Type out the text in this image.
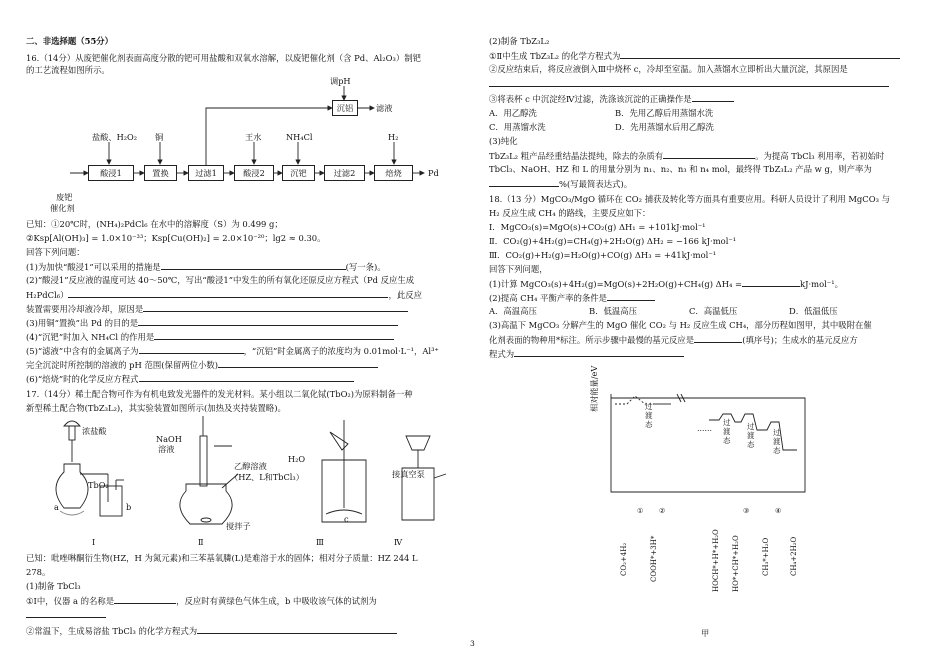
二、非选择题（55分）
16.（14分）从废钯催化剂表面高度分散的钯可用盐酸和双氧水溶解，以废钯催化剂（含 Pd、Al₂O₃）制钯
的工艺流程如图所示。
废钯
催化剂
酸浸1	置换	过滤1	酸浸2	沉钯	过滤2	焙烧	Pd
沉铝
调pH
滤液
盐酸、H₂O₂ 铜	王水	NH₄Cl	H₂
已知：①20℃时，(NH₄)₂PdCl₆ 在水中的溶解度（S）为 0.499 g；
②Ksp[Al(OH)₃] = 1.0×10⁻³³；Ksp[Cu(OH)₂] = 2.0×10⁻²⁰；lg2 ≈ 0.30。
回答下列问题：
(1)为加快“酸浸1”可以采用的措施是	(写一条)。
(2)“酸浸1”反应液的温度可达 40～50℃，写出“酸浸1”中发生的所有氧化还原反应方程式（Pd 反应生成
H₂PdCl₆）	，此反应
装置需要用冷却液冷却，原因是
(3)用铜“置换”出 Pd 的目的是
(4)“沉钯”时加入 NH₄Cl 的作用是
(5)“滤液”中含有的金属离子为	，“沉铝”时金属离子的浓度均为 0.01mol·L⁻¹，Al³⁺
完全沉淀时所控制的溶液的 pH 范围(保留两位小数)
(6)“焙烧”时的化学反应方程式
17.（14分）稀土配合物可作为有机电致发光器件的发光材料。某小组以二氧化铽(TbO₂)为原料制备一种
新型稀土配合物(TbZ₃L₂)，其实验装置如图所示(加热及夹持装置略)。
浓盐酸
TbO₂
a	b
NaOH
溶液
乙醇溶液
（HZ、L和TbCl₃）
搅拌子
H₂O
c
接真空泵
Ⅰ	Ⅱ	Ⅲ	Ⅳ
已知：吡唑啉酮衍生物(HZ，H 为氮元素)和三苯基氧膦(L)是难溶于水的固体；相对分子质量：HZ 244 L
278。
(1)制备 TbCl₃
①Ⅰ中，仪器 a 的名称是	，反应时有黄绿色气体生成，b 中吸收该气体的试剂为
②常温下，生成易溶盐 TbCl₃ 的化学方程式为
(2)制备 TbZ₃L₂
①Ⅱ中生成 TbZ₃L₂ 的化学方程式为
②反应结束后，将反应液倒入Ⅲ中烧杯 c，冷却至室温。加入蒸馏水立即析出大量沉淀，其原因是
③将表杯 c 中沉淀经Ⅳ过滤，洗涤该沉淀的正确操作是
A．用乙醇洗	B．先用乙醇后用蒸馏水洗
C．用蒸馏水洗	D．先用蒸馏水后用乙醇洗
(3)纯化
TbZ₃L₂ 粗产品经重结晶法提纯，除去的杂质有	。为提高 TbCl₃ 利用率，若初始时
TbCl₃、NaOH、HZ 和 L 的用量分别为 n₁、n₂、n₃ 和 n₄ mol，最终得 TbZ₃L₂ 产品 w g，则产率为
%(写最简表达式)。
18.（13 分）MgCO₃/MgO 循环在 CO₂ 捕获及转化等方面具有重要应用。科研人员设计了利用 MgCO₃ 与
H₂ 反应生成 CH₄ 的路线，主要反应如下：
Ⅰ．MgCO₃(s)=MgO(s)+CO₂(g) ΔH₁ = +101kJ·mol⁻¹
Ⅱ．CO₂(g)+4H₂(g)=CH₄(g)+2H₂O(g) ΔH₂ = −166 kJ·mol⁻¹
Ⅲ．CO₂(g)+H₂(g)=H₂O(g)+CO(g) ΔH₃ = +41kJ·mol⁻¹
回答下列问题，
(1)计算 MgCO₃(s)+4H₂(g)=MgO(s)+2H₂O(g)+CH₄(g) ΔH₄ =	kJ·mol⁻¹。
(2)提高 CH₄ 平衡产率的条件是
A．高温高压	B．低温高压	C．高温低压	D．低温低压
(3)高温下 MgCO₃ 分解产生的 MgO 催化 CO₂ 与 H₂ 反应生成 CH₄，部分历程如图甲，其中吸附在催
化剂表面的物种用*标注。所示步骤中最慢的基元反应是	(填序号)；生成水的基元反应方
程式为
相对能量/eV	过渡态	……
过渡态
过渡态
过渡态
① ②	③	④
CO₂+4H₂	COOH*+3H*	HOCH*+H*+H₂O HO*+CH*+H₂O	CH₃*+H₂O	CH₄+2H₂O
甲
3
